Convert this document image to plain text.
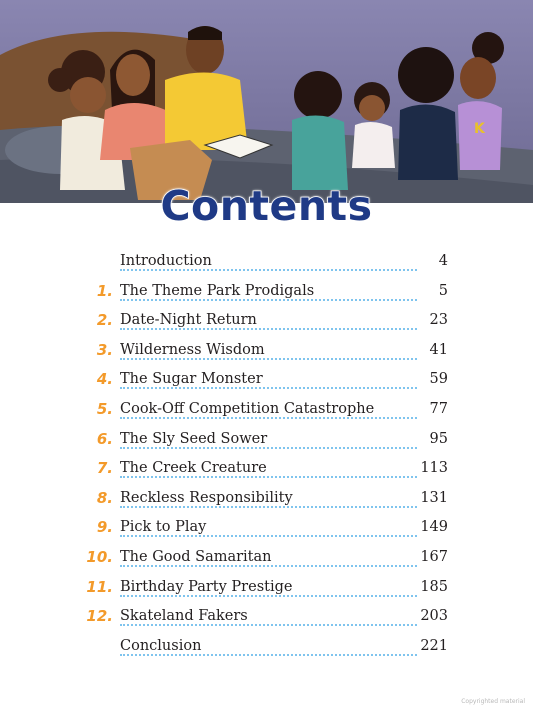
K
Contents
Introduction	4
1. The Theme Park Prodigals	5
2. Date-Night Return	23
3. Wilderness Wisdom	41
4. The Sugar Monster	59
5. Cook-Off Competition Catastrophe	77
6. The Sly Seed Sower	95
7. The Creek Creature	113
8. Reckless Responsibility	131
9. Pick to Play	149
10. The Good Samaritan	167
11. Birthday Party Prestige	185
12. Skateland Fakers	203
Conclusion	221
Copyrighted material
